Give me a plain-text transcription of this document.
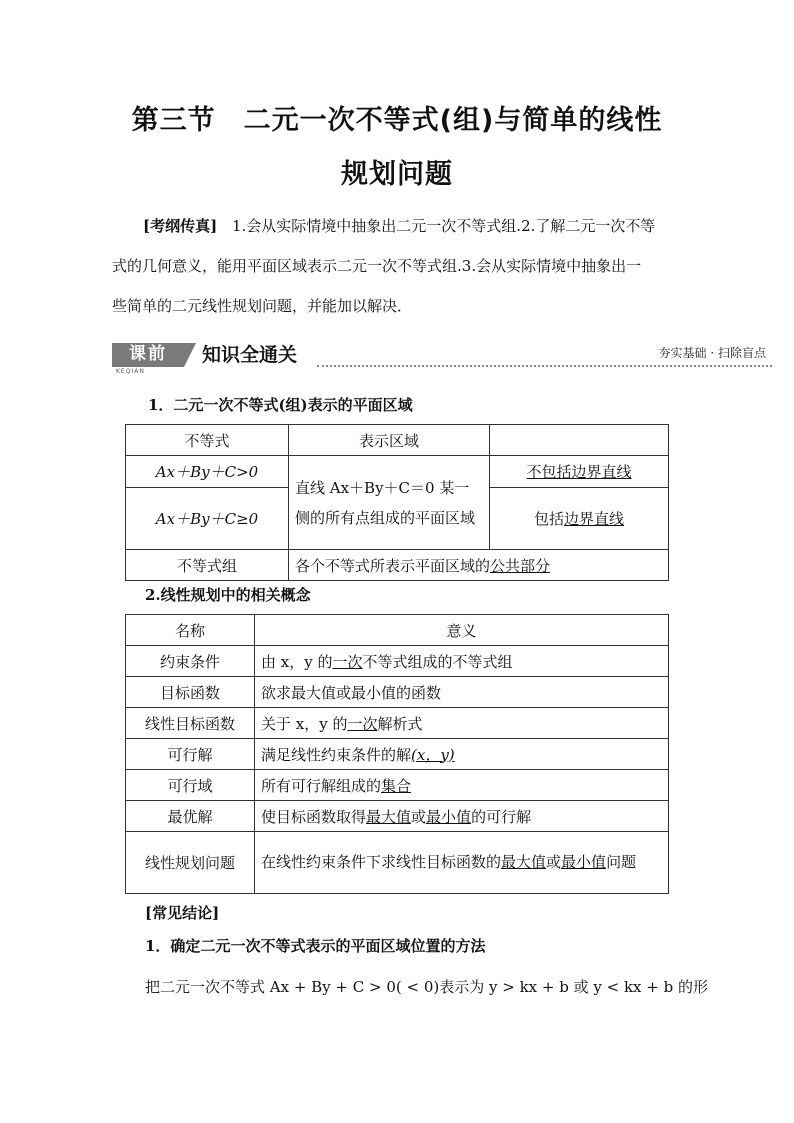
第三节　二元一次不等式(组)与简单的线性
规划问题
[考纲传真] 1.会从实际情境中抽象出二元一次不等式组.2.了解二元一次不等
式的几何意义，能用平面区域表示二元一次不等式组.3.会从实际情境中抽象出一
些简单的二元线性规划问题，并能加以解决．
课前
KEQIAN
知识全通关	夯实基础 · 扫除盲点
1．二元一次不等式(组)表示的平面区域
不等式	表示区域	
Ax＋By＋C>0	直线 Ax＋By＋C＝0 某一侧的所有点组成的平面区域	不包括边界直线
Ax＋By＋C≥0		包括边界直线
不等式组	各个不等式所表示平面区域的公共部分	
2.线性规划中的相关概念
名称	意义
约束条件	由 x，y 的一次不等式组成的不等式组
目标函数	欲求最大值或最小值的函数
线性目标函数	关于 x，y 的一次解析式
可行解	满足线性约束条件的解(x，y)
可行域	所有可行解组成的集合
最优解	使目标函数取得最大值或最小值的可行解
线性规划问题	在线性约束条件下求线性目标函数的最大值或最小值问题
[常见结论]
1．确定二元一次不等式表示的平面区域位置的方法
把二元一次不等式 Ax + By + C > 0( < 0)表示为 y > kx + b 或 y < kx + b 的形
